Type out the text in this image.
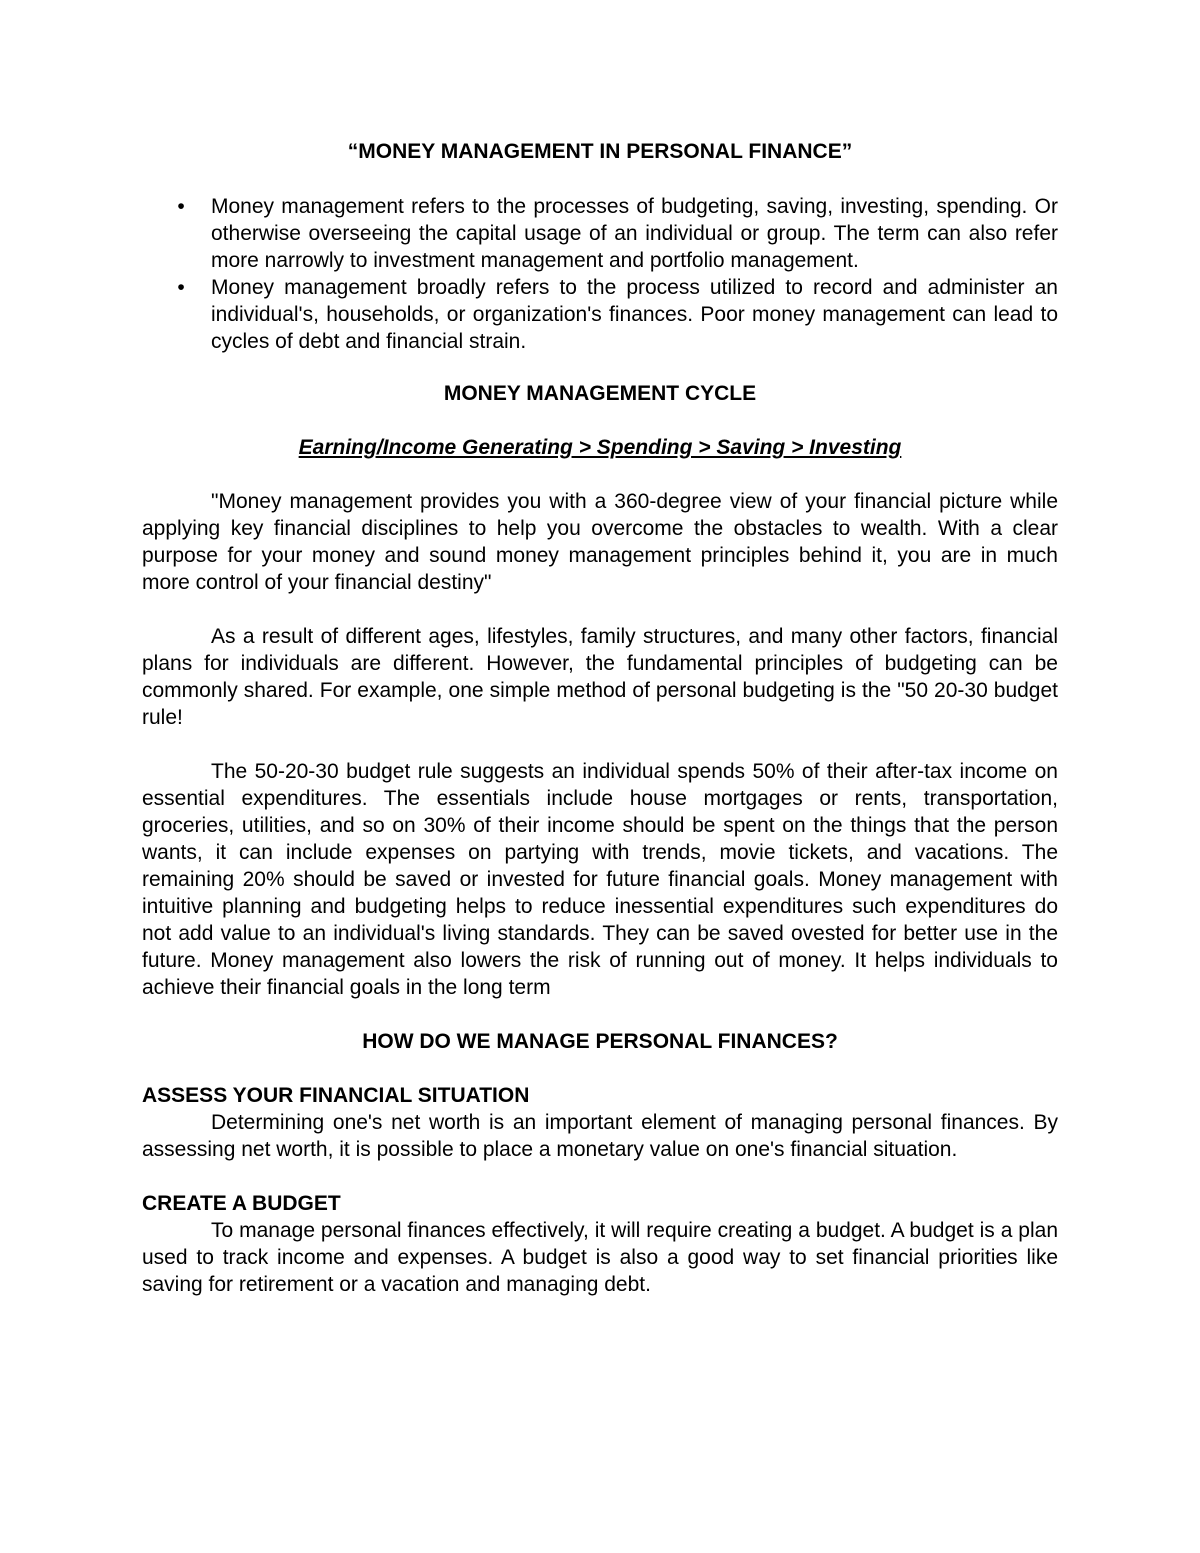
“MONEY MANAGEMENT IN PERSONAL FINANCE”

• Money management refers to the processes of budgeting, saving, investing, spending. Or otherwise overseeing the capital usage of an individual or group. The term can also refer more narrowly to investment management and portfolio management.
• Money management broadly refers to the process utilized to record and administer an individual's, households, or organization's finances. Poor money management can lead to cycles of debt and financial strain.

MONEY MANAGEMENT CYCLE

Earning/Income Generating > Spending > Saving > Investing

"Money management provides you with a 360-degree view of your financial picture while applying key financial disciplines to help you overcome the obstacles to wealth. With a clear purpose for your money and sound money management principles behind it, you are in much more control of your financial destiny"

As a result of different ages, lifestyles, family structures, and many other factors, financial plans for individuals are different. However, the fundamental principles of budgeting can be commonly shared. For example, one simple method of personal budgeting is the "50 20-30 budget rule!

The 50-20-30 budget rule suggests an individual spends 50% of their after-tax income on essential expenditures. The essentials include house mortgages or rents, transportation, groceries, utilities, and so on 30% of their income should be spent on the things that the person wants, it can include expenses on partying with trends, movie tickets, and vacations. The remaining 20% should be saved or invested for future financial goals. Money management with intuitive planning and budgeting helps to reduce inessential expenditures such expenditures do not add value to an individual's living standards. They can be saved ovested for better use in the future. Money management also lowers the risk of running out of money. It helps individuals to achieve their financial goals in the long term

HOW DO WE MANAGE PERSONAL FINANCES?

ASSESS YOUR FINANCIAL SITUATION

Determining one's net worth is an important element of managing personal finances. By assessing net worth, it is possible to place a monetary value on one's financial situation.

CREATE A BUDGET

To manage personal finances effectively, it will require creating a budget. A budget is a plan used to track income and expenses. A budget is also a good way to set financial priorities like saving for retirement or a vacation and managing debt.
